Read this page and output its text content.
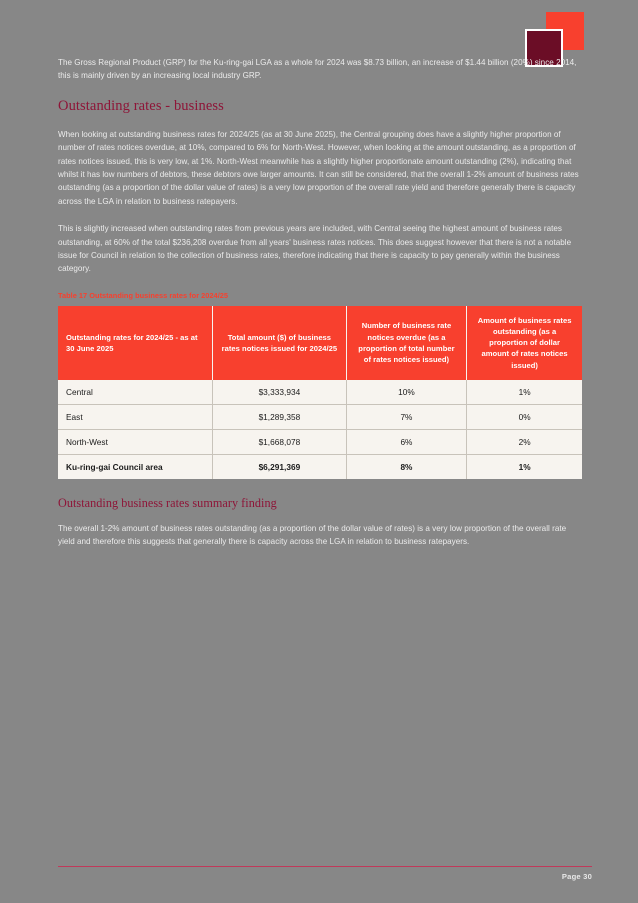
The Gross Regional Product (GRP) for the Ku-ring-gai LGA as a whole for 2024 was $8.73 billion, an increase of $1.44 billion (20%) since 2014, this is mainly driven by an increasing local industry GRP.

Outstanding rates - business

When looking at outstanding business rates for 2024/25 (as at 30 June 2025), the Central grouping does have a slightly higher proportion of number of rates notices overdue, at 10%, compared to 6% for North-West. However, when looking at the amount outstanding, as a proportion of rates notices issued, this is very low, at 1%. North-West meanwhile has a slightly higher proportionate amount outstanding (2%), indicating that whilst it has low numbers of debtors, these debtors owe larger amounts. It can still be considered, that the overall 1-2% amount of business rates outstanding (as a proportion of the dollar value of rates) is a very low proportion of the overall rate yield and therefore generally there is capacity across the LGA in relation to business ratepayers.

This is slightly increased when outstanding rates from previous years are included, with Central seeing the highest amount of business rates outstanding, at 60% of the total $236,208 overdue from all years' business rates notices. This does suggest however that there is not a notable issue for Council in relation to the collection of business rates, therefore indicating that there is capacity to pay generally within the business category.

Table 17 Outstanding business rates for 2024/25
Outstanding rates for 2024/25 - as at 30 June 2025	Total amount ($) of business rates notices issued for 2024/25	Number of business rate notices overdue (as a proportion of total number of rates notices issued)	Amount of business rates outstanding (as a proportion of dollar amount of rates notices issued)
Central	$3,333,934	10%	1%
East	$1,289,358	7%	0%
North-West	$1,668,078	6%	2%
Ku-ring-gai Council area	$6,291,369	8%	1%
Outstanding business rates summary finding

The overall 1-2% amount of business rates outstanding (as a proportion of the dollar value of rates) is a very low proportion of the overall rate yield and therefore this suggests that generally there is capacity across the LGA in relation to business ratepayers.

Page 30
